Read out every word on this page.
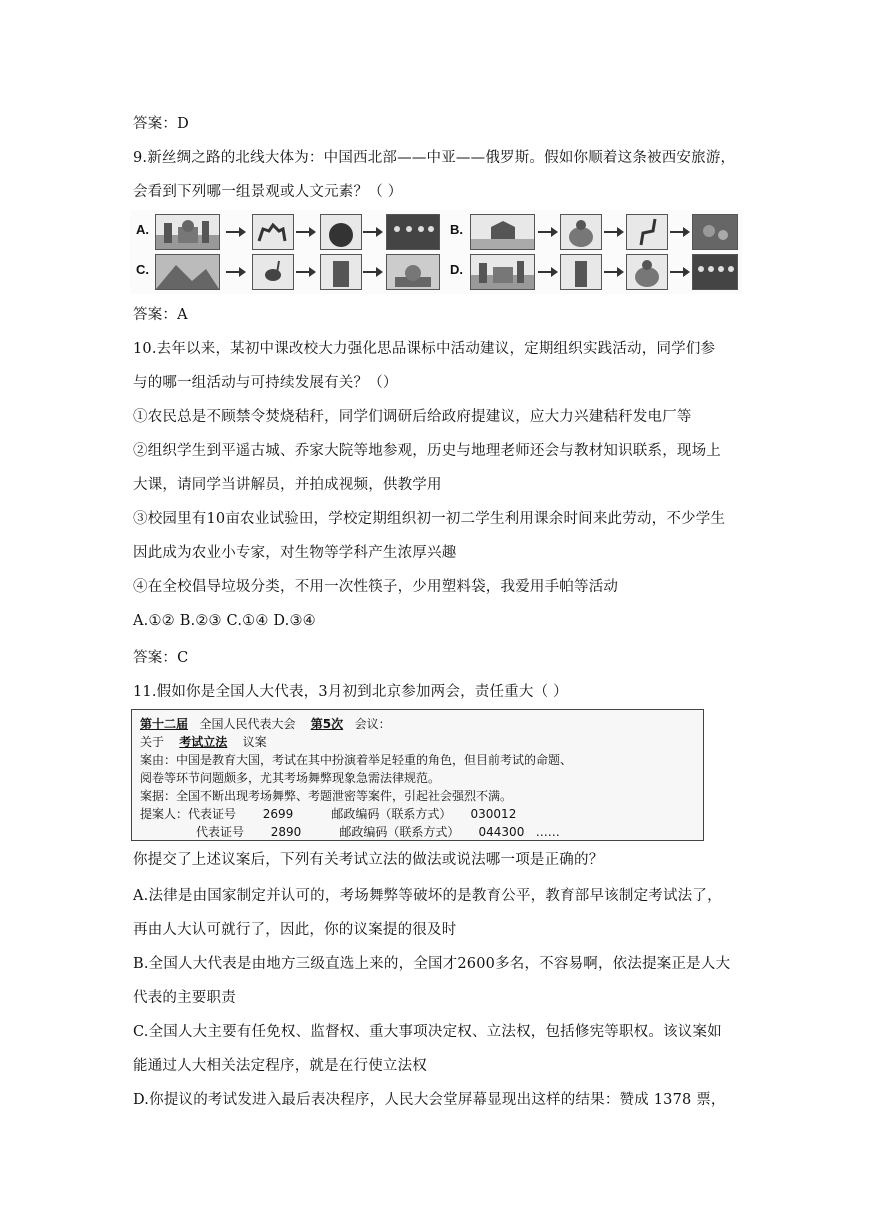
答案：D
9.新丝绸之路的北线大体为：中国西北部——中亚——俄罗斯。假如你顺着这条被西安旅游，
会看到下列哪一组景观或人文元素？（ ）
A.	B.
C.	D.
答案：A
10.去年以来，某初中课改校大力强化思品课标中活动建议，定期组织实践活动，同学们参
与的哪一组活动与可持续发展有关？（）
①农民总是不顾禁令焚烧秸秆，同学们调研后给政府提建议，应大力兴建秸秆发电厂等
②组织学生到平遥古城、乔家大院等地参观，历史与地理老师还会与教材知识联系，现场上
大课，请同学当讲解员，并拍成视频，供教学用
③校园里有10亩农业试验田，学校定期组织初一初二学生利用课余时间来此劳动，不少学生
因此成为农业小专家，对生物等学科产生浓厚兴趣
④在全校倡导垃圾分类，不用一次性筷子，少用塑料袋，我爱用手帕等活动
A.①② B.②③ C.①④ D.③④
答案：C
11.假如你是全国人大代表，3月初到北京参加两会，责任重大（ ）
第十二届 全国人民代表大会 第5次 会议：
关于 考试立法 议案
案由：中国是教育大国，考试在其中扮演着举足轻重的角色，但目前考试的命题、
阅卷等环节问题颇多，尤其考场舞弊现象急需法律规范。
案据：全国不断出现考场舞弊、考题泄密等案件，引起社会强烈不满。
提案人：代表证号 2699	邮政编码（联系方式） 030012
代表证号 2890	邮政编码（联系方式） 044300 ……
你提交了上述议案后，下列有关考试立法的做法或说法哪一项是正确的？
A.法律是由国家制定并认可的，考场舞弊等破坏的是教育公平，教育部早该制定考试法了，
再由人大认可就行了，因此，你的议案提的很及时
B.全国人大代表是由地方三级直选上来的，全国才2600多名，不容易啊，依法提案正是人大
代表的主要职责
C.全国人大主要有任免权、监督权、重大事项决定权、立法权，包括修宪等职权。该议案如
能通过人大相关法定程序，就是在行使立法权
D.你提议的考试发进入最后表决程序，人民大会堂屏幕显现出这样的结果：赞成 1378 票，
